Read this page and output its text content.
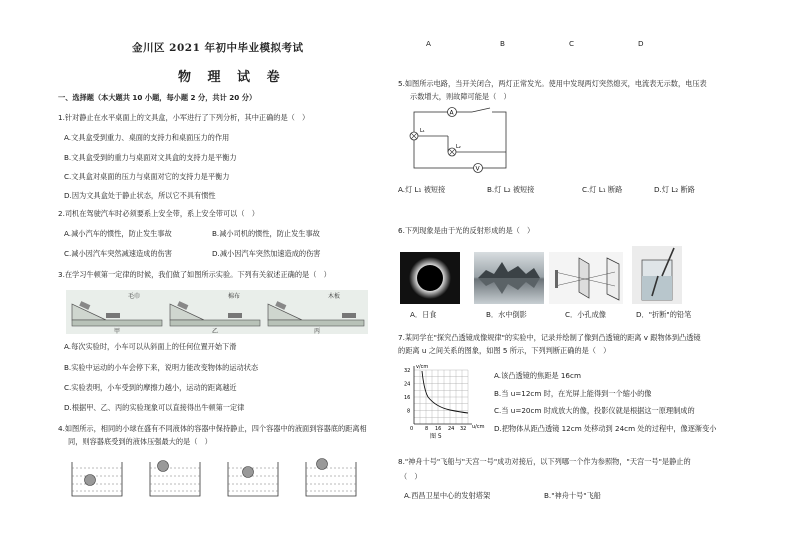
金川区 2021 年初中毕业模拟考试
物 理 试 卷
一、选择题（本大题共 10 小题，每小题 2 分，共计 20 分）
1.针对静止在水平桌面上的文具盒，小军进行了下列分析，其中正确的是（　）
A.文具盒受到重力、桌面的支持力和桌面压力的作用
B.文具盒受到的重力与桌面对文具盒的支持力是平衡力
C.文具盒对桌面的压力与桌面对它的支持力是平衡力
D.因为文具盒处于静止状态，所以它不具有惯性
2.司机在驾驶汽车时必须要系上安全带，系上安全带可以（　）
A.减小汽车的惯性，防止发生事故	B.减小司机的惯性，防止发生事故
C.减小因汽车突然减速造成的伤害	D.减小因汽车突然加速造成的伤害
3.在学习牛顿第一定律的时候，我们做了如图所示实验。下列有关叙述正确的是（　）
毛巾	棉布	木板
甲	乙	丙
A.每次实验时，小车可以从斜面上的任何位置开始下滑
B.实验中运动的小车会停下来，说明力能改变物体的运动状态
C.实验表明，小车受到的摩擦力越小，运动的距离越近
D.根据甲、乙、丙的实验现象可以直接得出牛顿第一定律
4.如图所示，相同的小球在盛有不同液体的容器中保持静止，四个容器中的液面到容器底的距离相
同，则容器底受到的液体压强最大的是（　）
A	B	C	D
5.如图所示电路，当开关闭合，两灯正常发光。使用中发现两灯突然熄灭，电流表无示数，电压表
示数增大，则故障可能是（　）
A
L₁
L₂
V
A.灯 L₁ 被短接	B.灯 L₂ 被短接	C.灯 L₁ 断路	D.灯 L₂ 断路
6.下列现象是由于光的反射形成的是（　）
A．日食	B．水中倒影	C．小孔成像	D．"折断"的铅笔
7.某同学在"探究凸透镜成像规律"的实验中，记录并绘制了像到凸透镜的距离 v 跟物体到凸透镜
的距离 u 之间关系的图象，如图 5 所示，下列判断正确的是（　）
v/cm
u/cm
32
24
16
8
0 8 16 24 32
图 5
A.该凸透镜的焦距是 16cm
B.当 u=12cm 时，在光屏上能得到一个缩小的像
C.当 u=20cm 时成放大的像，投影仪就是根据这一原理制成的
D.把物体从距凸透镜 12cm 处移动到 24cm 处的过程中，像逐渐变小
8."神舟十号"飞船与"天宫一号"成功对接后，以下列哪一个作为参照物，"天宫一号"是静止的
（　）
A.西昌卫星中心的发射塔架	B."神舟十号"飞船
